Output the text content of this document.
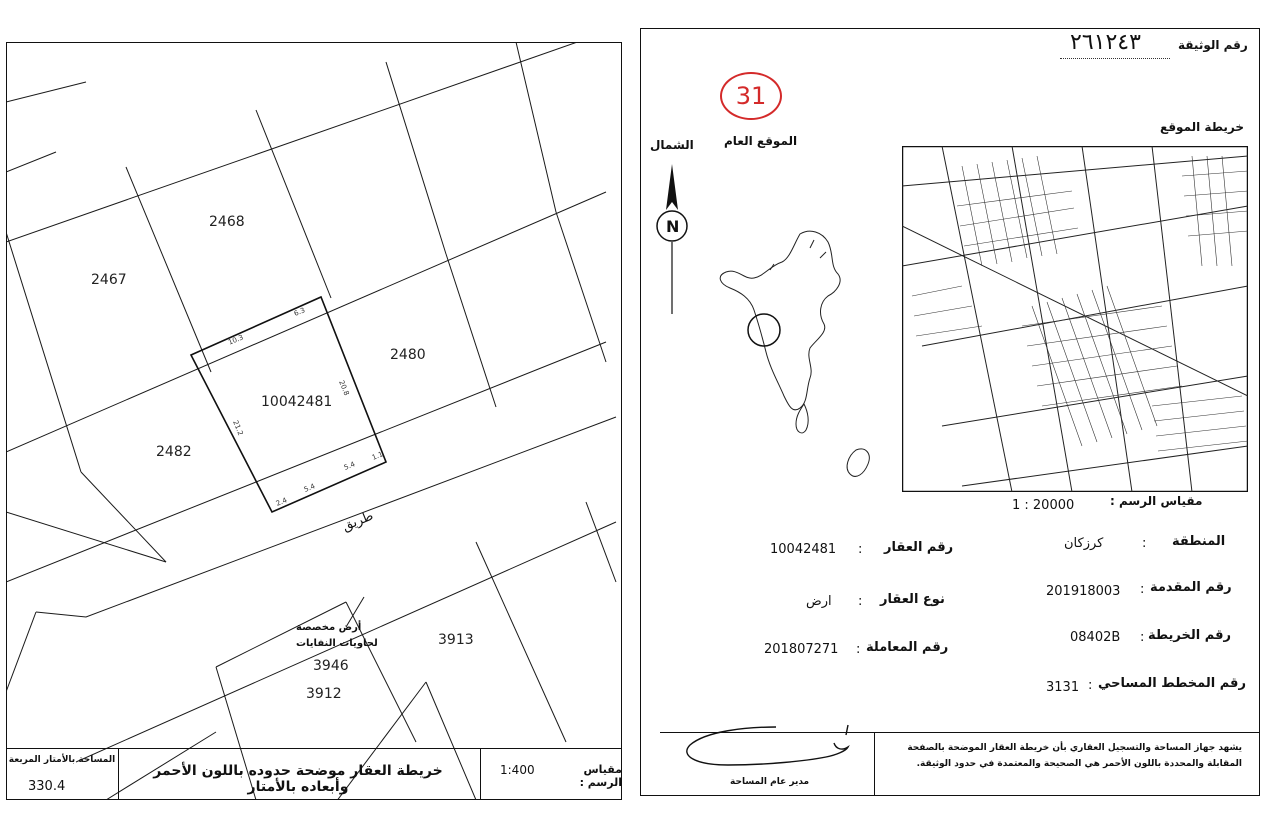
2467
2468
2480
2482
10042481
3913
3946
3912
10.3
6.3
20.8
21.2
5.4
1.1
2.4
5.4
طريق
أرض مخصصة
لحاويات النفايات
المساحة بالأمتار المربعة
330.4
خريطة العقار موضحة حدوده باللون الأحمر وأبعاده بالأمتار
مقياس الرسم :
1:400
رقم الوثيقة
٢٦١٢٤٣
31
الموقع العام
الشمال
خريطة الموقع
N
مقياس الرسم :
1 : 20000
المنطقة
:
كرزكان
رقم العقار
:
10042481
رقم المقدمة
:
201918003
نوع العقار
:
ارض
رقم الخريطة
:
08402B
رقم المعاملة
:
201807271
رقم المخطط المساحي
:
3131
يشهد جهاز المساحة والتسجيل العقاري بأن خريطة العقار الموضحة بالصفحة
المقابلة والمحددة باللون الأحمر هي الصحيحة والمعتمدة في حدود الوثيقة.
مدير عام المساحة
